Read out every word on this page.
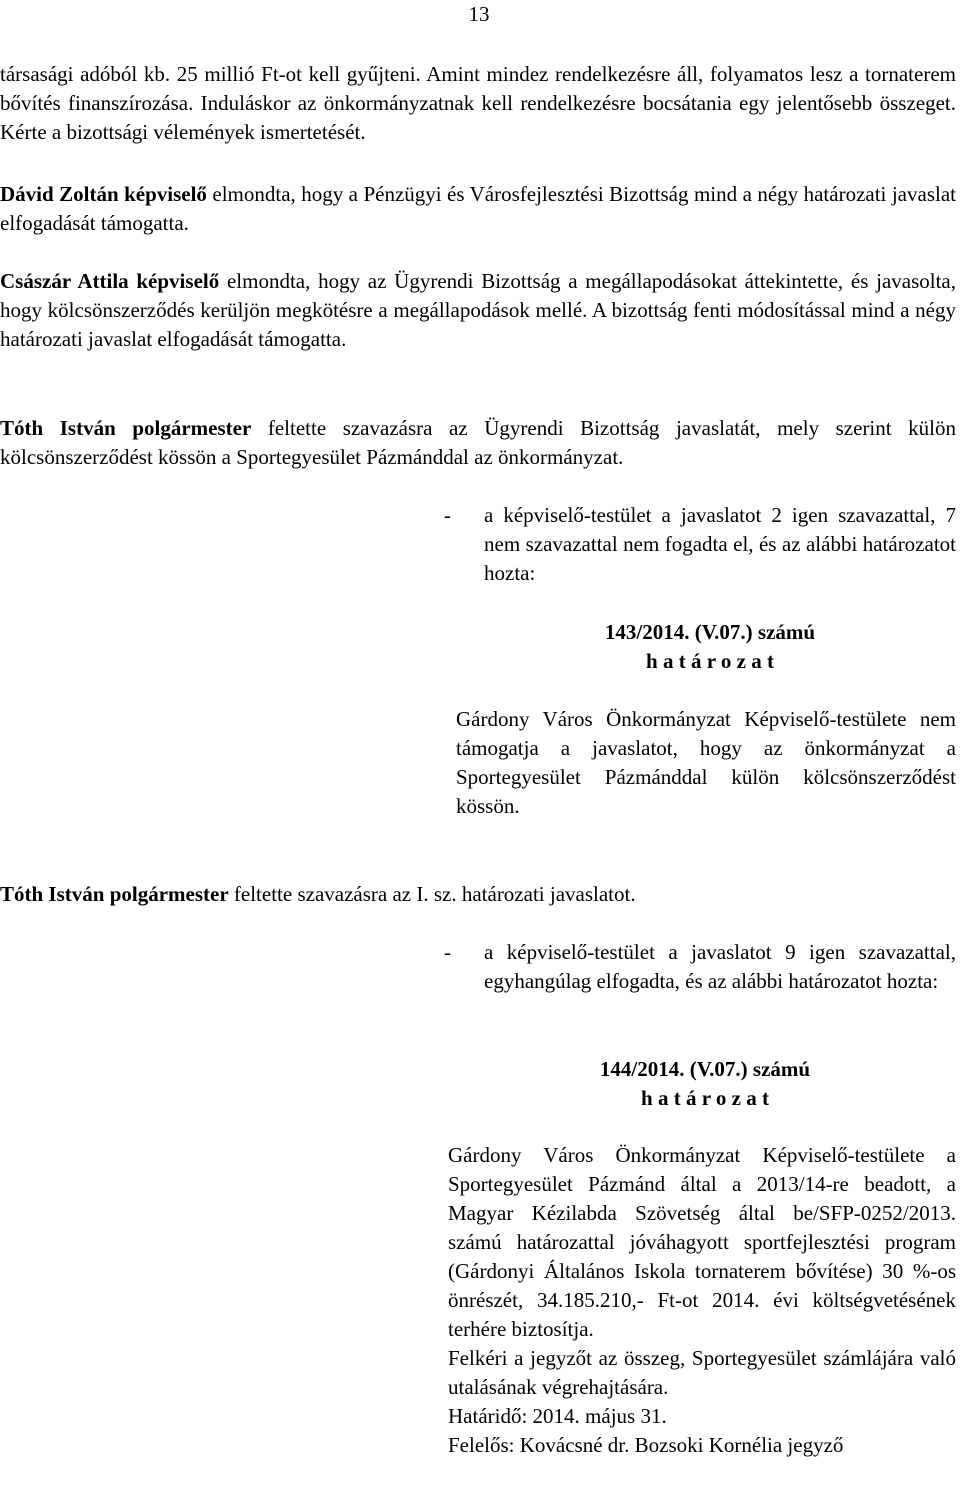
13

társasági adóból kb. 25 millió Ft-ot kell gyűjteni. Amint mindez rendelkezésre áll, folyamatos lesz a tornaterem bővítés finanszírozása. Induláskor az önkormányzatnak kell rendelkezésre bocsátania egy jelentősebb összeget. Kérte a bizottsági vélemények ismertetését.

Dávid Zoltán képviselő elmondta, hogy a Pénzügyi és Városfejlesztési Bizottság mind a négy határozati javaslat elfogadását támogatta.

Császár Attila képviselő elmondta, hogy az Ügyrendi Bizottság a megállapodásokat áttekintette, és javasolta, hogy kölcsönszerződés kerüljön megkötésre a megállapodások mellé. A bizottság fenti módosítással mind a négy határozati javaslat elfogadását támogatta.

Tóth István polgármester feltette szavazásra az Ügyrendi Bizottság javaslatát, mely szerint külön kölcsönszerződést kössön a Sportegyesület Pázmánddal az önkormányzat.

-	a képviselő-testület a javaslatot 2 igen szavazattal, 7 nem szavazattal nem fogadta el, és az alábbi határozatot hozta:
143/2014. (V.07.) számú
h a t á r o z a t

Gárdony Város Önkormányzat Képviselő-testülete nem támogatja a javaslatot, hogy az önkormányzat a Sportegyesület Pázmánddal külön kölcsönszerződést kössön.

Tóth István polgármester feltette szavazásra az I. sz. határozati javaslatot.

-	a képviselő-testület a javaslatot 9 igen szavazattal, egyhangúlag elfogadta, és az alábbi határozatot hozta:
144/2014. (V.07.) számú
h a t á r o z a t

Gárdony Város Önkormányzat Képviselő-testülete a Sportegyesület Pázmánd által a 2013/14-re beadott, a Magyar Kézilabda Szövetség által be/SFP-0252/2013. számú határozattal jóváhagyott sportfejlesztési program (Gárdonyi Általános Iskola tornaterem bővítése) 30 %-os önrészét, 34.185.210,- Ft-ot 2014. évi költségvetésének terhére biztosítja.

Felkéri a jegyzőt az összeg, Sportegyesület számlájára való utalásának végrehajtására.

Határidő: 2014. május 31.

Felelős: Kovácsné dr. Bozsoki Kornélia jegyző
